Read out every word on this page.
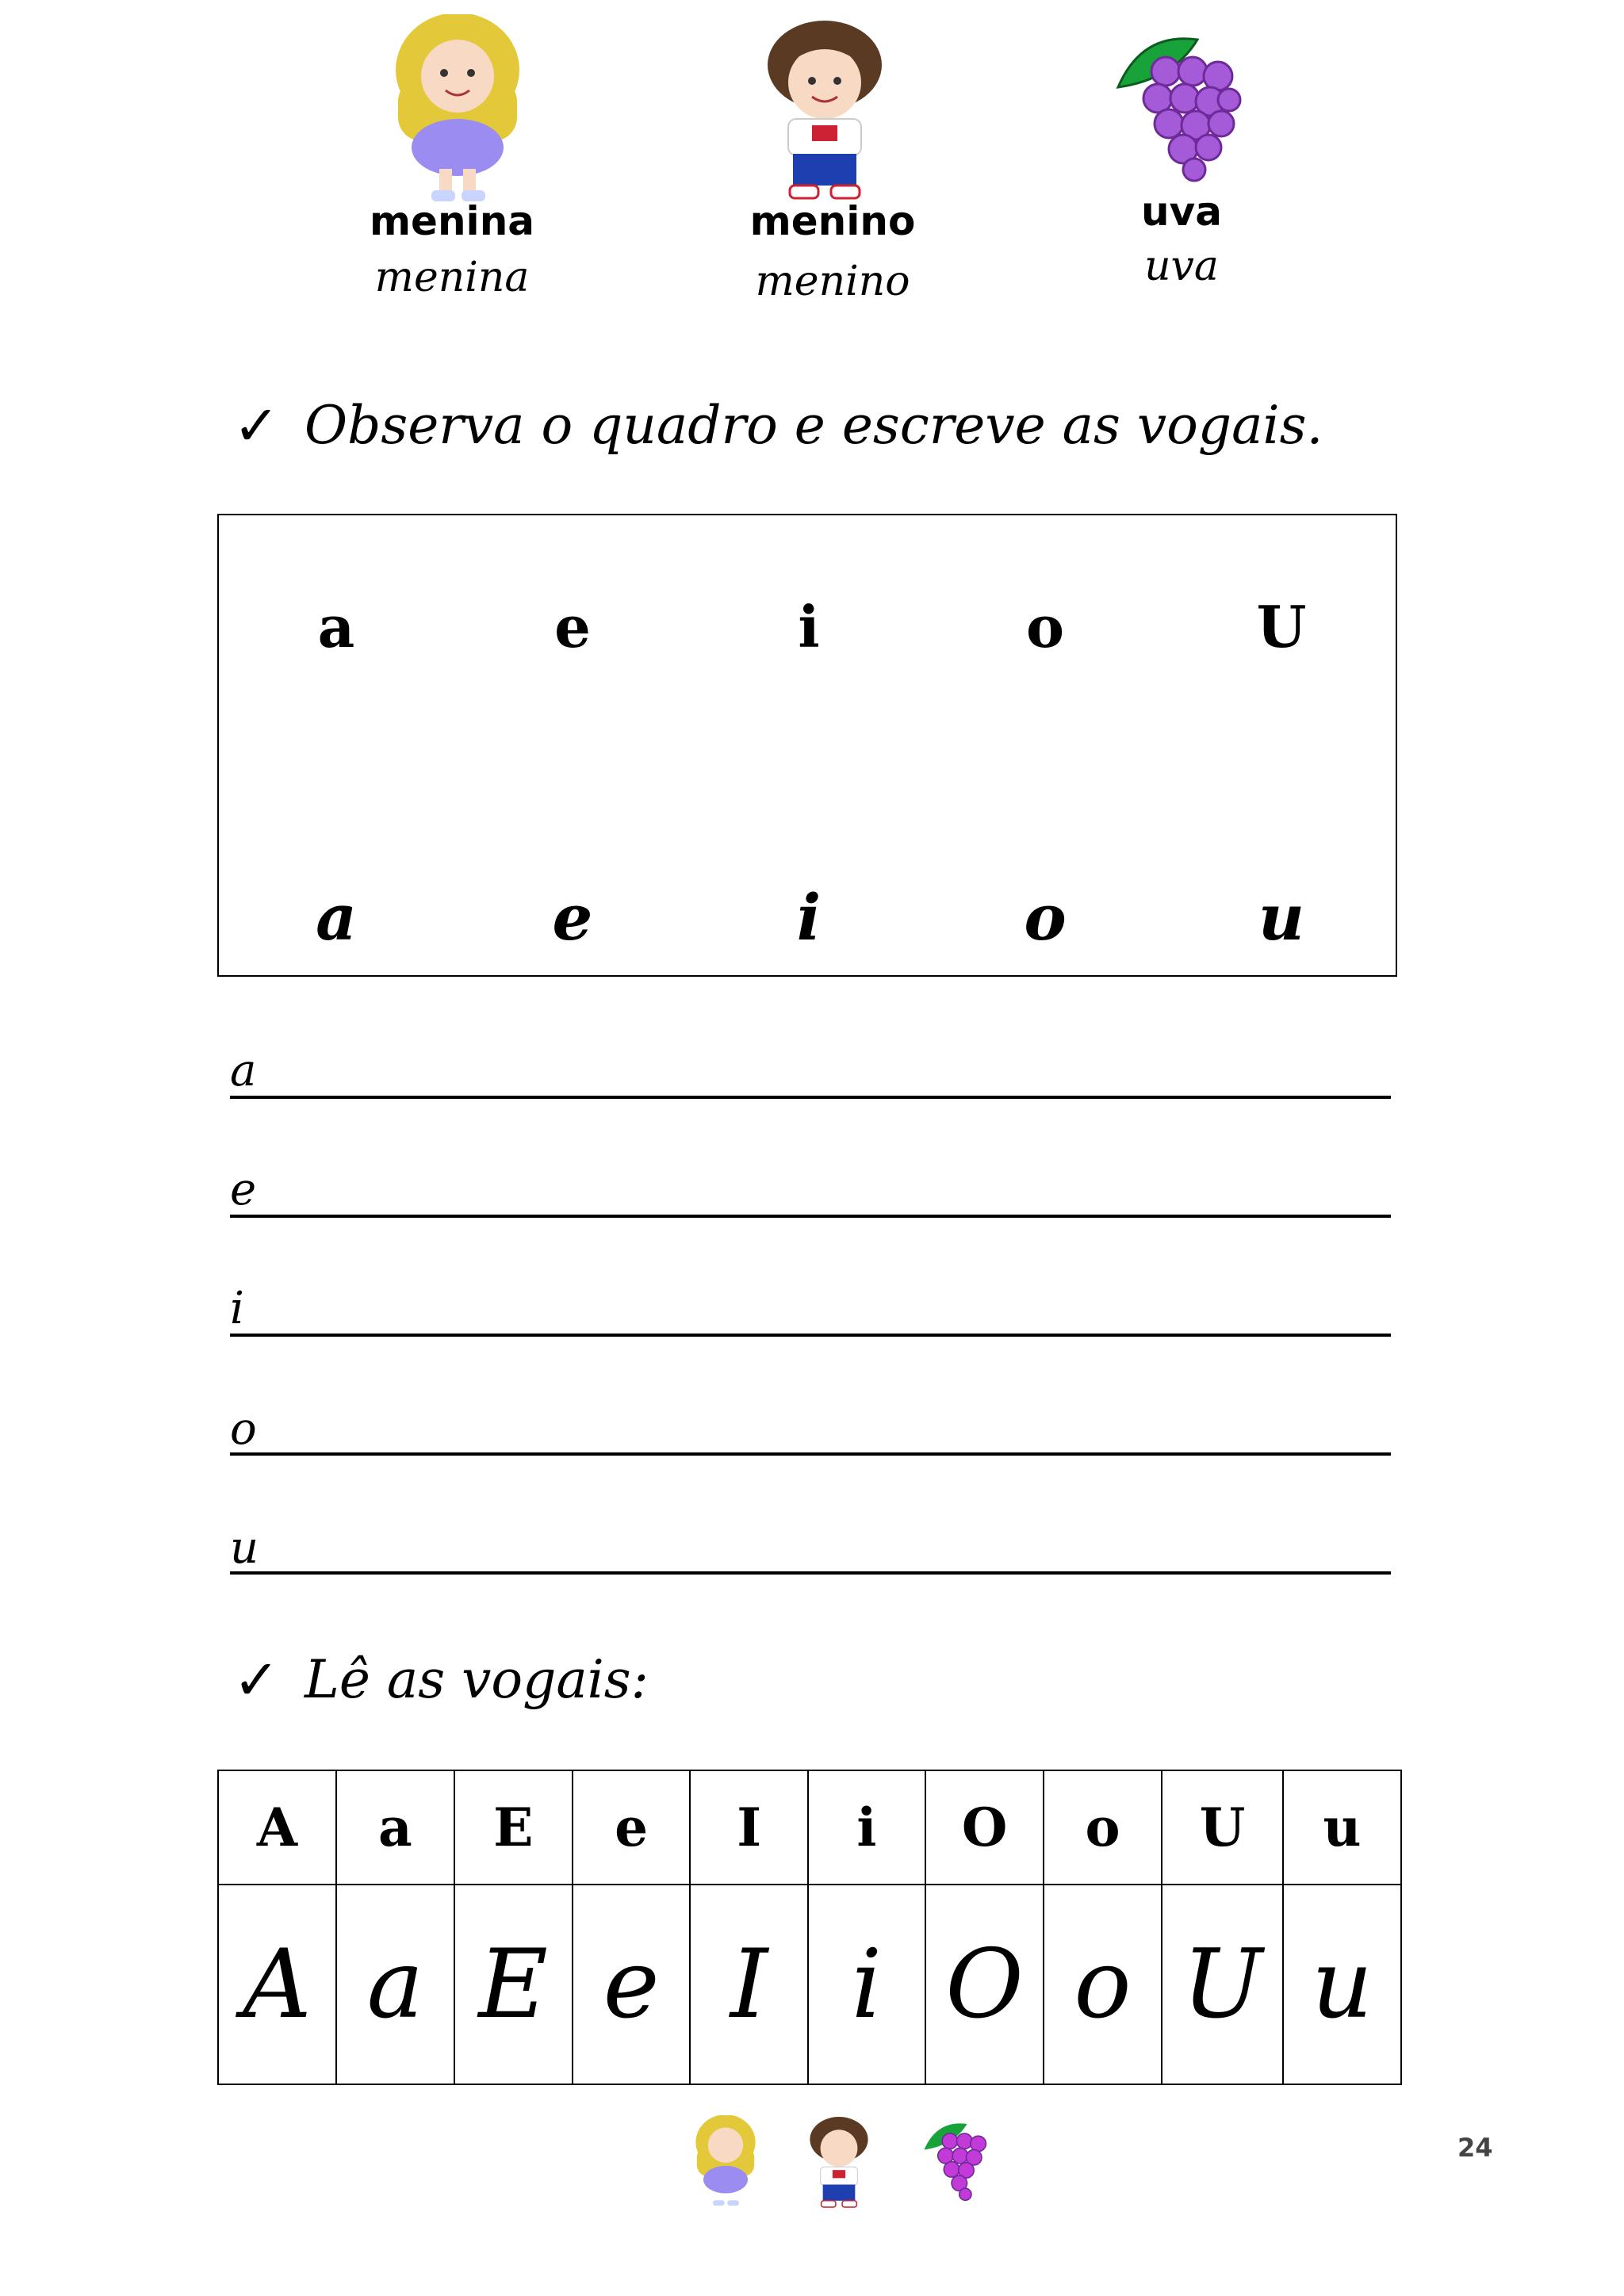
menina
menina
menino
menino
uva
uva
✓ Observa o quadro e escreve as vogais.
a	e	i	o	U
a	e	i	o	u
a
e
i
o
u
✓ Lê as vogais:
A	a	E	e	I	i	O	o	U	u
A	a	E	e	I	i	O	o	U	u
24
